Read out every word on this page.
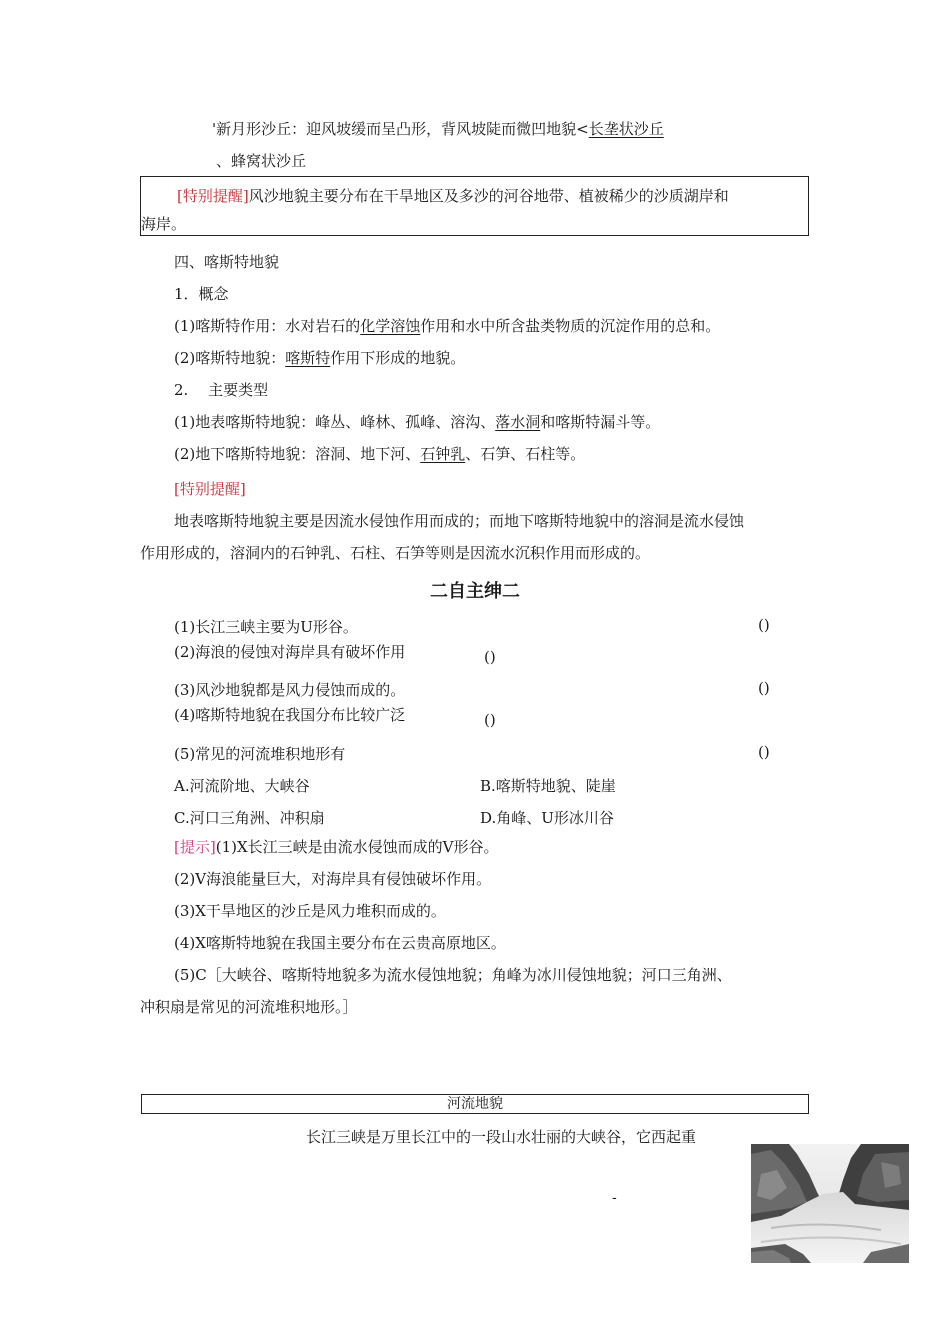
'新月形沙丘：迎风坡缓而呈凸形，背风坡陡而微凹地貌<长垄状沙丘
、蜂窝状沙丘
[特别提醒]风沙地貌主要分布在干旱地区及多沙的河谷地带、植被稀少的沙质湖岸和
海岸。
四、喀斯特地貌
1．概念
(1)喀斯特作用：水对岩石的化学溶蚀作用和水中所含盐类物质的沉淀作用的总和。
(2)喀斯特地貌：喀斯特作用下形成的地貌。
2.　 主要类型
(1)地表喀斯特地貌：峰丛、峰林、孤峰、溶沟、落水洞和喀斯特漏斗等。
(2)地下喀斯特地貌：溶洞、地下河、石钟乳、石笋、石柱等。
[特别提醒]
地表喀斯特地貌主要是因流水侵蚀作用而成的；而地下喀斯特地貌中的溶洞是流水侵蚀
作用形成的，溶洞内的石钟乳、石柱、石笋等则是因流水沉积作用而形成的。
二自主绅二
(1)长江三峡主要为U形谷。	()
(2)海浪的侵蚀对海岸具有破坏作用	()
(3)风沙地貌都是风力侵蚀而成的。	()
(4)喀斯特地貌在我国分布比较广泛	()
(5)常见的河流堆积地形有	()
A.河流阶地、大峡谷	B.喀斯特地貌、陡崖
C.河口三角洲、冲积扇	D.角峰、U形冰川谷
[提示](1)X长江三峡是由流水侵蚀而成的V形谷。
(2)V海浪能量巨大，对海岸具有侵蚀破坏作用。
(3)X干旱地区的沙丘是风力堆积而成的。
(4)X喀斯特地貌在我国主要分布在云贵高原地区。
(5)C［大峡谷、喀斯特地貌多为流水侵蚀地貌；角峰为冰川侵蚀地貌；河口三角洲、
冲积扇是常见的河流堆积地形。］
河流地貌
长江三峡是万里长江中的一段山水壮丽的大峡谷，它西起重
-
